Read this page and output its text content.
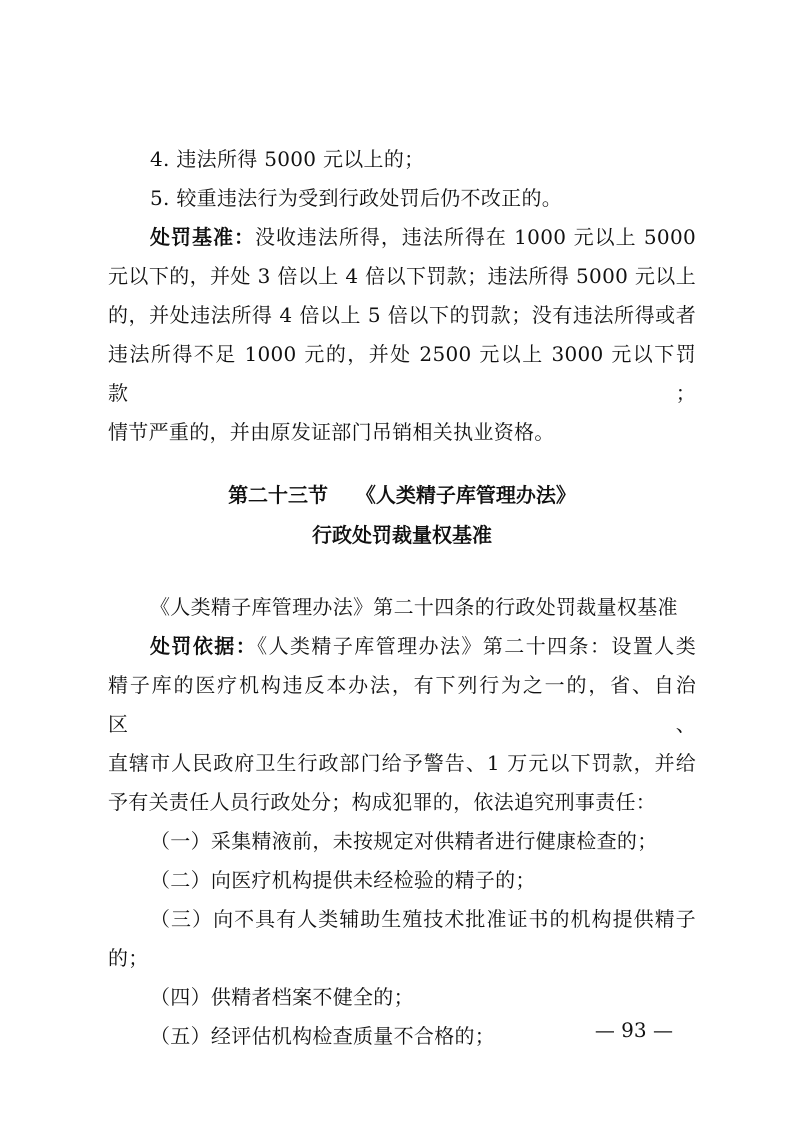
4. 违法所得 5000 元以上的；

5. 较重违法行为受到行政处罚后仍不改正的。

处罚基准：没收违法所得，违法所得在 1000 元以上 5000

元以下的，并处 3 倍以上 4 倍以下罚款；违法所得 5000 元以上

的，并处违法所得 4 倍以上 5 倍以下的罚款；没有违法所得或者

违法所得不足 1000 元的，并处 2500 元以上 3000 元以下罚款；

情节严重的，并由原发证部门吊销相关执业资格。

第二十三节    《人类精子库管理办法》

行政处罚裁量权基准

《人类精子库管理办法》第二十四条的行政处罚裁量权基准

处罚依据：《人类精子库管理办法》第二十四条：设置人类

精子库的医疗机构违反本办法，有下列行为之一的，省、自治区、

直辖市人民政府卫生行政部门给予警告、1 万元以下罚款，并给

予有关责任人员行政处分；构成犯罪的，依法追究刑事责任：

（一）采集精液前，未按规定对供精者进行健康检查的；

（二）向医疗机构提供未经检验的精子的；

（三）向不具有人类辅助生殖技术批准证书的机构提供精子

的；

（四）供精者档案不健全的；

（五）经评估机构检查质量不合格的；	— 93 —
